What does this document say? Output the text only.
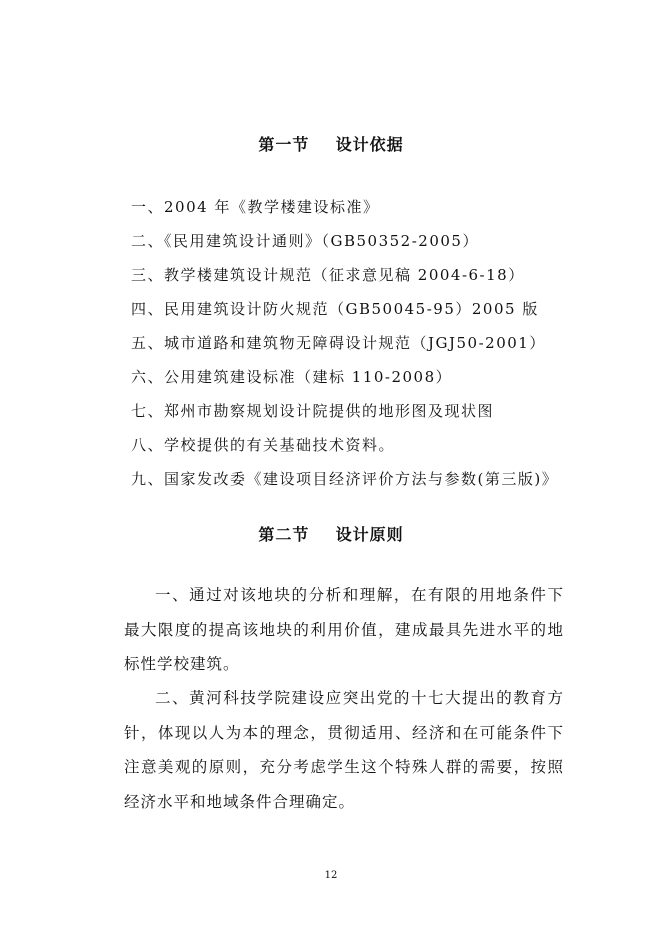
第一节    设计依据
一、2004 年《教学楼建设标准》
二、《民用建筑设计通则》（GB50352-2005）
三、教学楼建筑设计规范（征求意见稿 2004-6-18）
四、民用建筑设计防火规范（GB50045-95）2005 版
五、城市道路和建筑物无障碍设计规范（JGJ50-2001）
六、公用建筑建设标准（建标 110-2008）
七、郑州市勘察规划设计院提供的地形图及现状图
八、学校提供的有关基础技术资料。
九、国家发改委《建设项目经济评价方法与参数(第三版)》
第二节    设计原则
一、通过对该地块的分析和理解，在有限的用地条件下最大限度的提高该地块的利用价值，建成最具先进水平的地标性学校建筑。
二、黄河科技学院建设应突出党的十七大提出的教育方针，体现以人为本的理念，贯彻适用、经济和在可能条件下注意美观的原则，充分考虑学生这个特殊人群的需要，按照经济水平和地域条件合理确定。
12
